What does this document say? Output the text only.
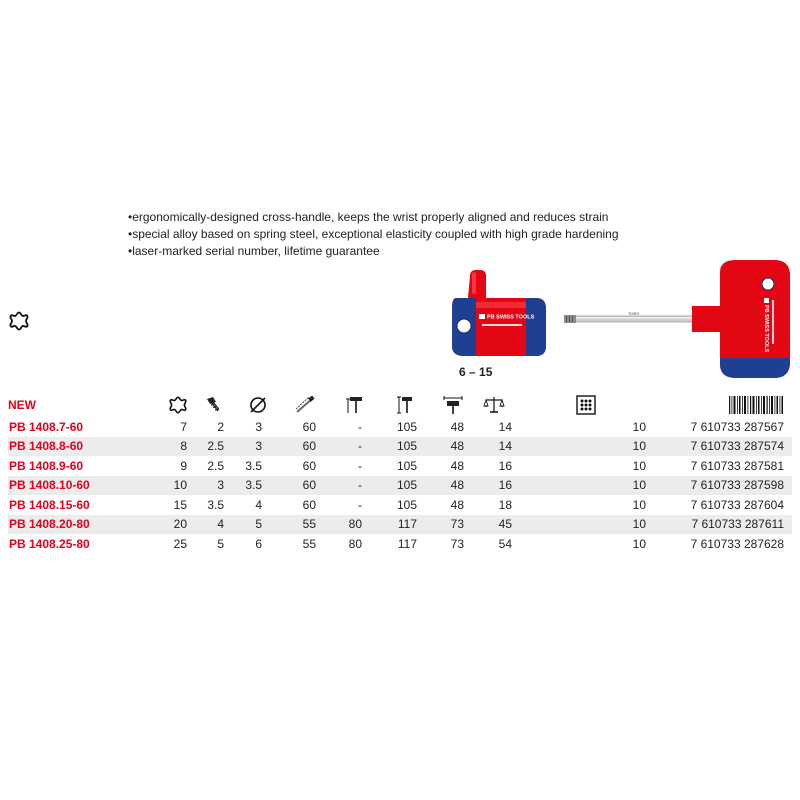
• ergonomically-designed cross-handle, keeps the wrist properly aligned and reduces strain
• special alloy based on spring steel, exceptional elasticity coupled with high grade hardening
• laser-marked serial number, lifetime guarantee
PB SWISS TOOLS
6 – 15
TORX	PB SWISS TOOLS
NEW										
PB 1408.7-60	7	2	3	60	-	105	48	14	10	7 610733 287567
PB 1408.8-60	8	2.5	3	60	-	105	48	14	10	7 610733 287574
PB 1408.9-60	9	2.5	3.5	60	-	105	48	16	10	7 610733 287581
PB 1408.10-60	10	3	3.5	60	-	105	48	16	10	7 610733 287598
PB 1408.15-60	15	3.5	4	60	-	105	48	18	10	7 610733 287604
PB 1408.20-80	20	4	5	55	80	117	73	45	10	7 610733 287611
PB 1408.25-80	25	5	6	55	80	117	73	54	10	7 610733 287628
